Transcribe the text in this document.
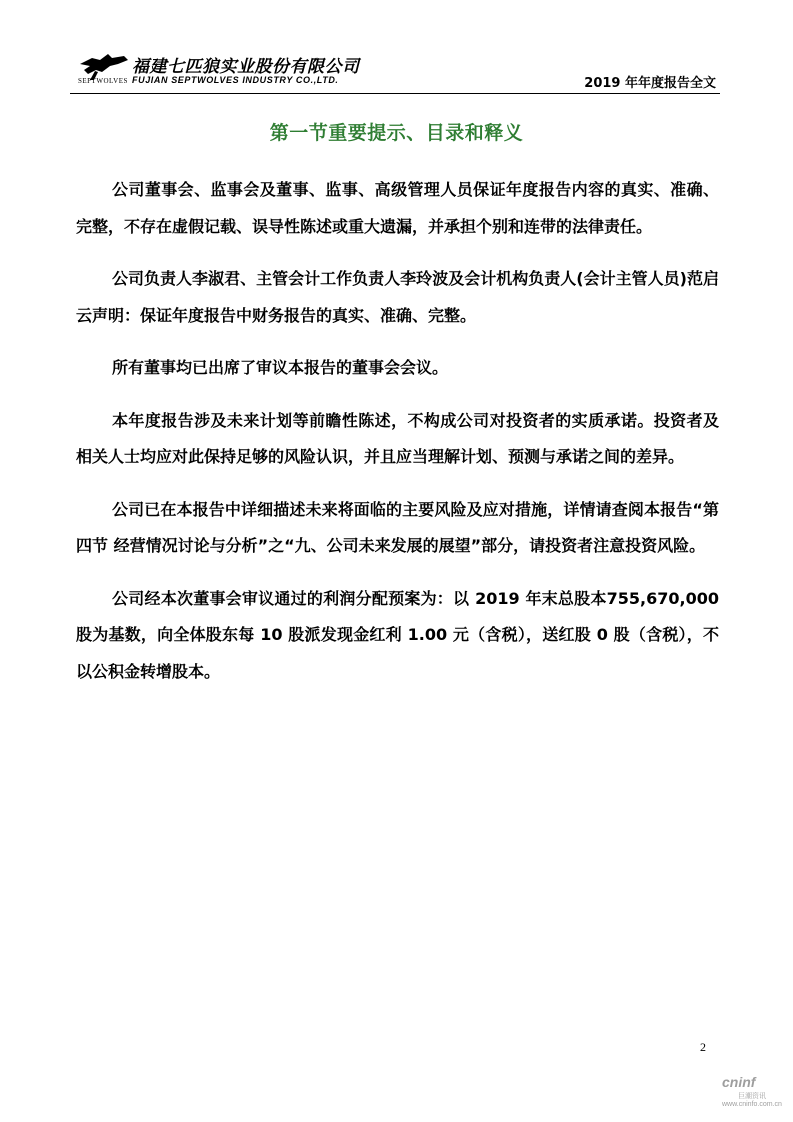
SEPTWOLVES
福建七匹狼实业股份有限公司
FUJIAN SEPTWOLVES INDUSTRY CO.,LTD.	2019 年年度报告全文
第一节重要提示、目录和释义

公司董事会、监事会及董事、监事、高级管理人员保证年度报告内容的真实、准确、完整，不存在虚假记载、误导性陈述或重大遗漏，并承担个别和连带的法律责任。

公司负责人李淑君、主管会计工作负责人李玲波及会计机构负责人(会计主管人员)范启云声明：保证年度报告中财务报告的真实、准确、完整。

所有董事均已出席了审议本报告的董事会会议。

本年度报告涉及未来计划等前瞻性陈述，不构成公司对投资者的实质承诺。投资者及相关人士均应对此保持足够的风险认识，并且应当理解计划、预测与承诺之间的差异。

公司已在本报告中详细描述未来将面临的主要风险及应对措施，详情请查阅本报告“第四节 经营情况讨论与分析”之“九、公司未来发展的展望”部分，请投资者注意投资风险。

公司经本次董事会审议通过的利润分配预案为：以 2019 年末总股本755,670,000 股为基数，向全体股东每 10 股派发现金红利 1.00 元（含税），送红股 0 股（含税），不以公积金转增股本。

2
cninf
巨潮资讯
www.cninfo.com.cn
